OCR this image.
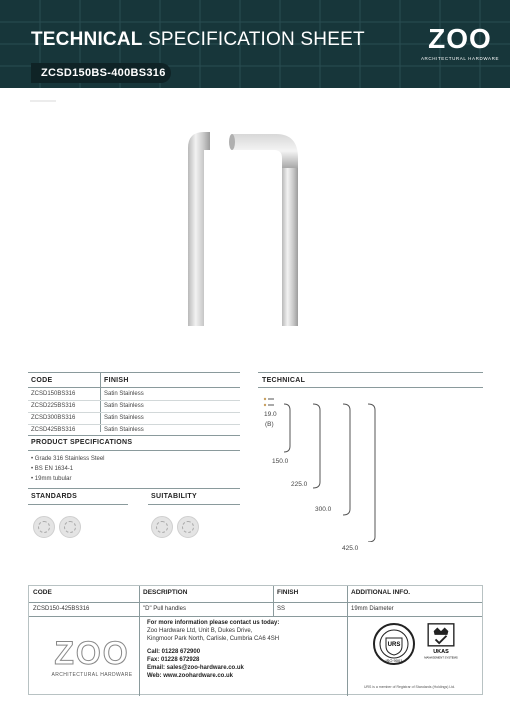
TECHNICAL SPECIFICATION SHEET
ZCSD150BS-400BS316
ZOO
ARCHITECTURAL HARDWARE
CODE	FINISH
ZCSD150BS316	Satin Stainless
ZCSD225BS316	Satin Stainless
ZCSD300BS316	Satin Stainless
ZCSD425BS316	Satin Stainless
PRODUCT SPECIFICATIONS
• Grade 316 Stainless Steel
• BS EN 1634-1
• 19mm tubular
STANDARDS	SUITABILITY
TECHNICAL
19.0
(B)
150.0
225.0
300.0
425.0
CODE	DESCRIPTION	FINISH	ADDITIONAL INFO.
ZCSD150-425BS316	"D" Pull handles	SS	19mm Diameter
ZOO
ARCHITECTURAL HARDWARE
For more information please contact us today:
Zoo Hardware Ltd, Unit B, Dukes Drive,
Kingmoor Park North, Carlisle, Cumbria CA6 4SH
Call: 01228 672900
Fax: 01228 672928
Email: sales@zoo-hardware.co.uk
Web: www.zoohardware.co.uk
URS
ISO 9001
UKAS
MANAGEMENT SYSTEMS
URS is a member of Registrar of Standards (Holdings) Ltd.
